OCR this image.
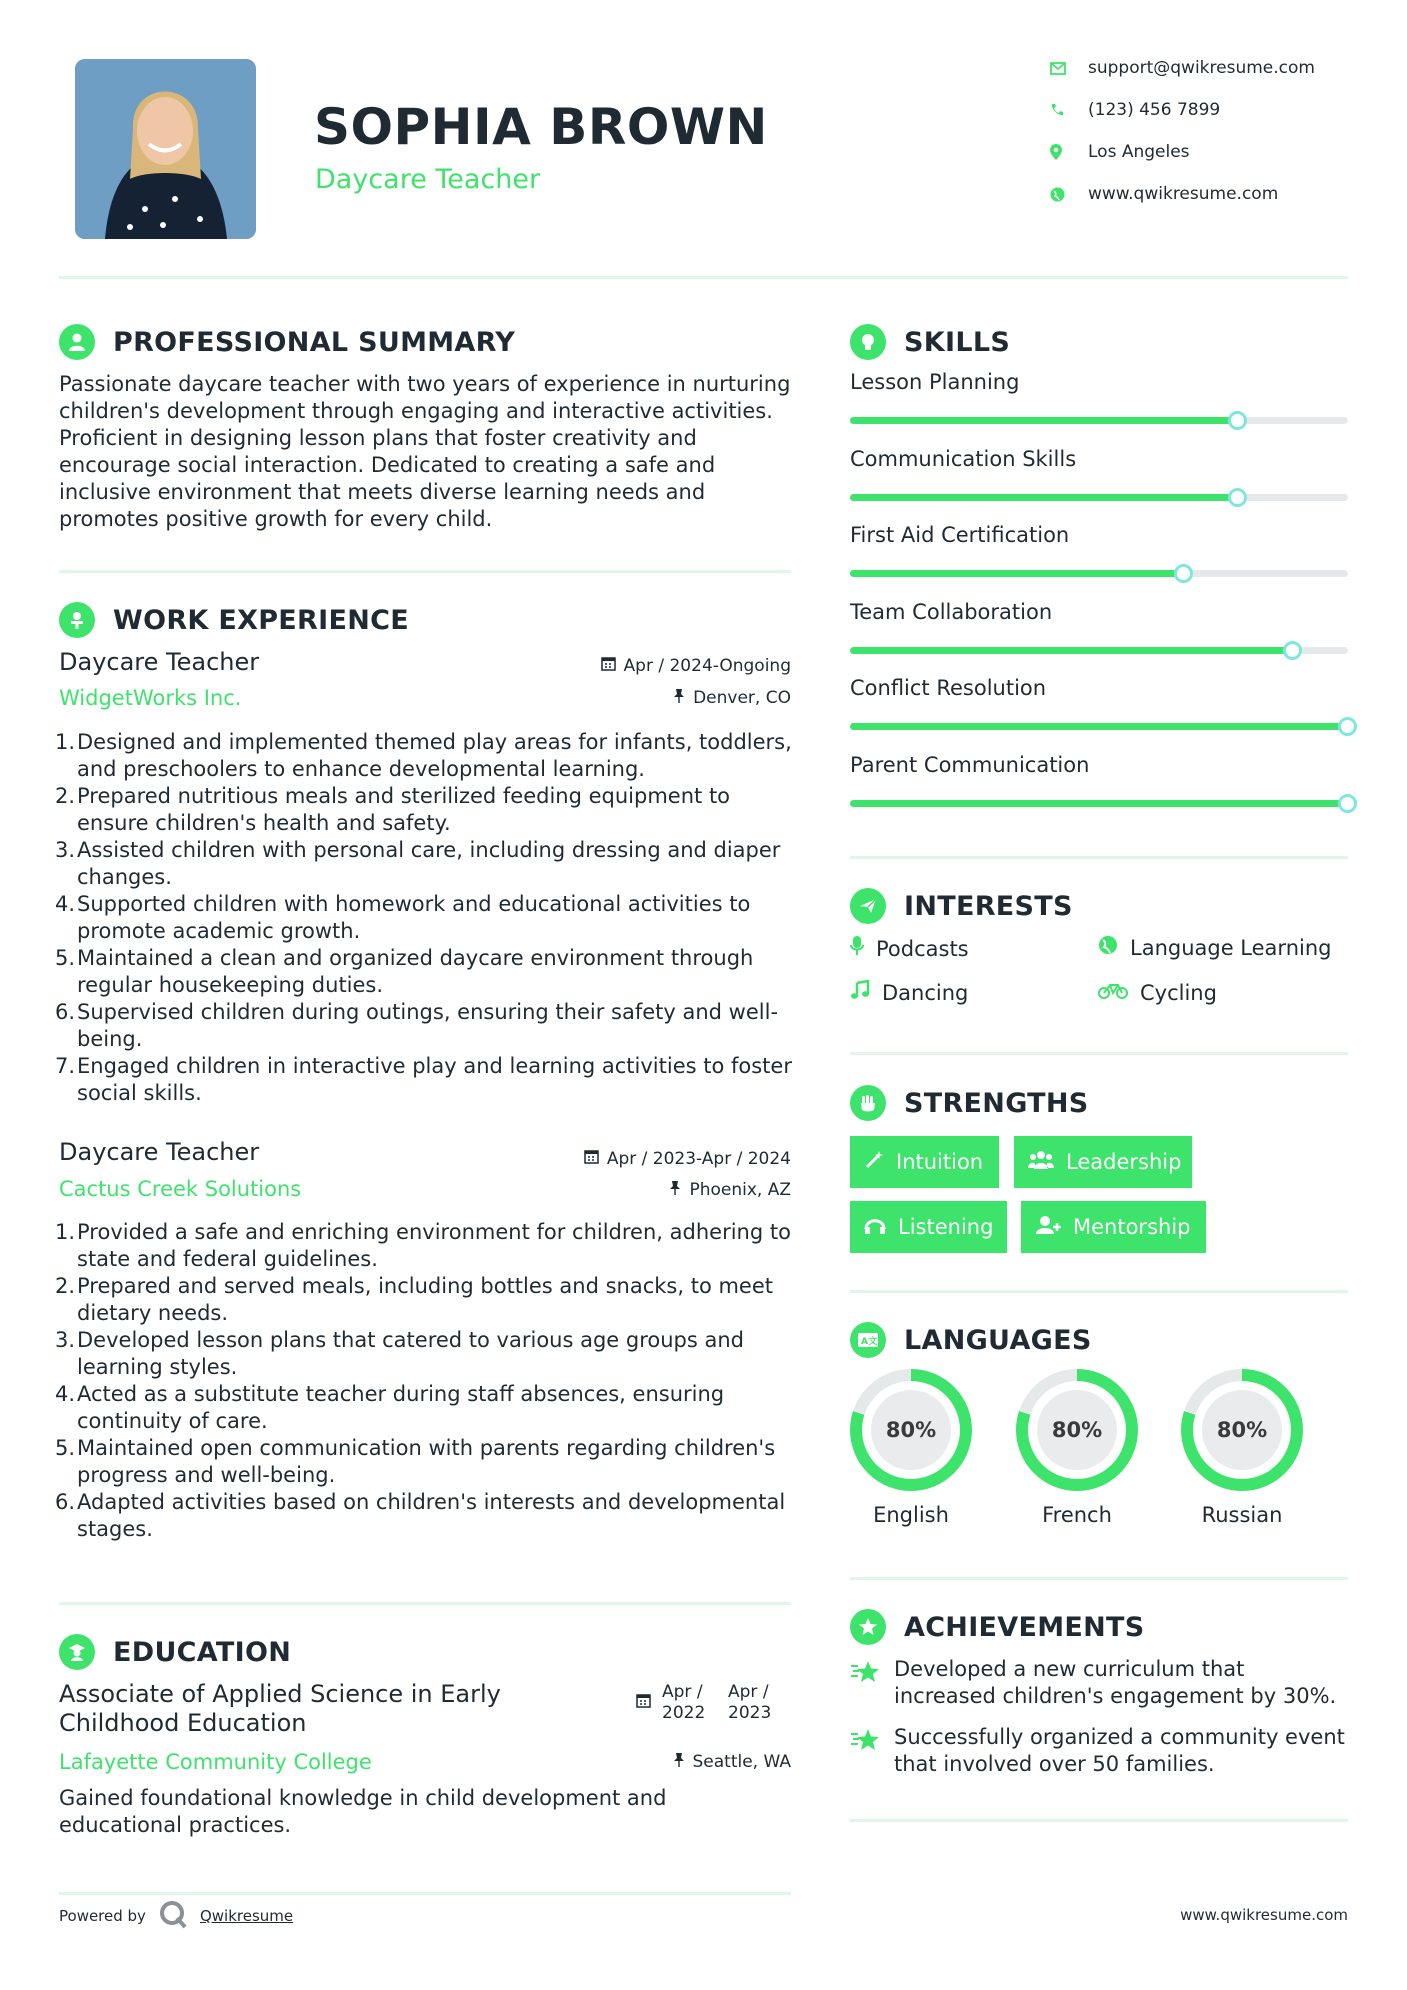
SOPHIA BROWN
Daycare Teacher
support@qwikresume.com
(123) 456 7899
Los Angeles
www.qwikresume.com
PROFESSIONAL SUMMARY
Passionate daycare teacher with two years of experience in nurturing
children's development through engaging and interactive activities.
Proficient in designing lesson plans that foster creativity and
encourage social interaction. Dedicated to creating a safe and
inclusive environment that meets diverse learning needs and
promotes positive growth for every child.
WORK EXPERIENCE
Daycare Teacher	Apr / 2024-Ongoing
WidgetWorks Inc.	Denver, CO
1. Designed and implemented themed play areas for infants, toddlers,
and preschoolers to enhance developmental learning.
2. Prepared nutritious meals and sterilized feeding equipment to
ensure children's health and safety.
3. Assisted children with personal care, including dressing and diaper
changes.
4. Supported children with homework and educational activities to
promote academic growth.
5. Maintained a clean and organized daycare environment through
regular housekeeping duties.
6. Supervised children during outings, ensuring their safety and well-
being.
7. Engaged children in interactive play and learning activities to foster
social skills.
Daycare Teacher	Apr / 2023-Apr / 2024
Cactus Creek Solutions	Phoenix, AZ
1. Provided a safe and enriching environment for children, adhering to
state and federal guidelines.
2. Prepared and served meals, including bottles and snacks, to meet
dietary needs.
3. Developed lesson plans that catered to various age groups and
learning styles.
4. Acted as a substitute teacher during staff absences, ensuring
continuity of care.
5. Maintained open communication with parents regarding children's
progress and well-being.
6. Adapted activities based on children's interests and developmental
stages.
EDUCATION
Associate of Applied Science in Early
Childhood Education
Apr /
2022
Apr /
2023
Lafayette Community College	Seattle, WA
Gained foundational knowledge in child development and
educational practices.
Powered by	Qwikresume	www.qwikresume.com
SKILLS
Lesson Planning
Communication Skills
First Aid Certification
Team Collaboration
Conflict Resolution
Parent Communication
INTERESTS
Podcasts	Language Learning
Dancing	Cycling
STRENGTHS
Intuition	Leadership
Listening	Mentorship
A文 LANGUAGES
80%
English
80%
French
80%
Russian
ACHIEVEMENTS
Developed a new curriculum that
increased children's engagement by 30%.
Successfully organized a community event
that involved over 50 families.
